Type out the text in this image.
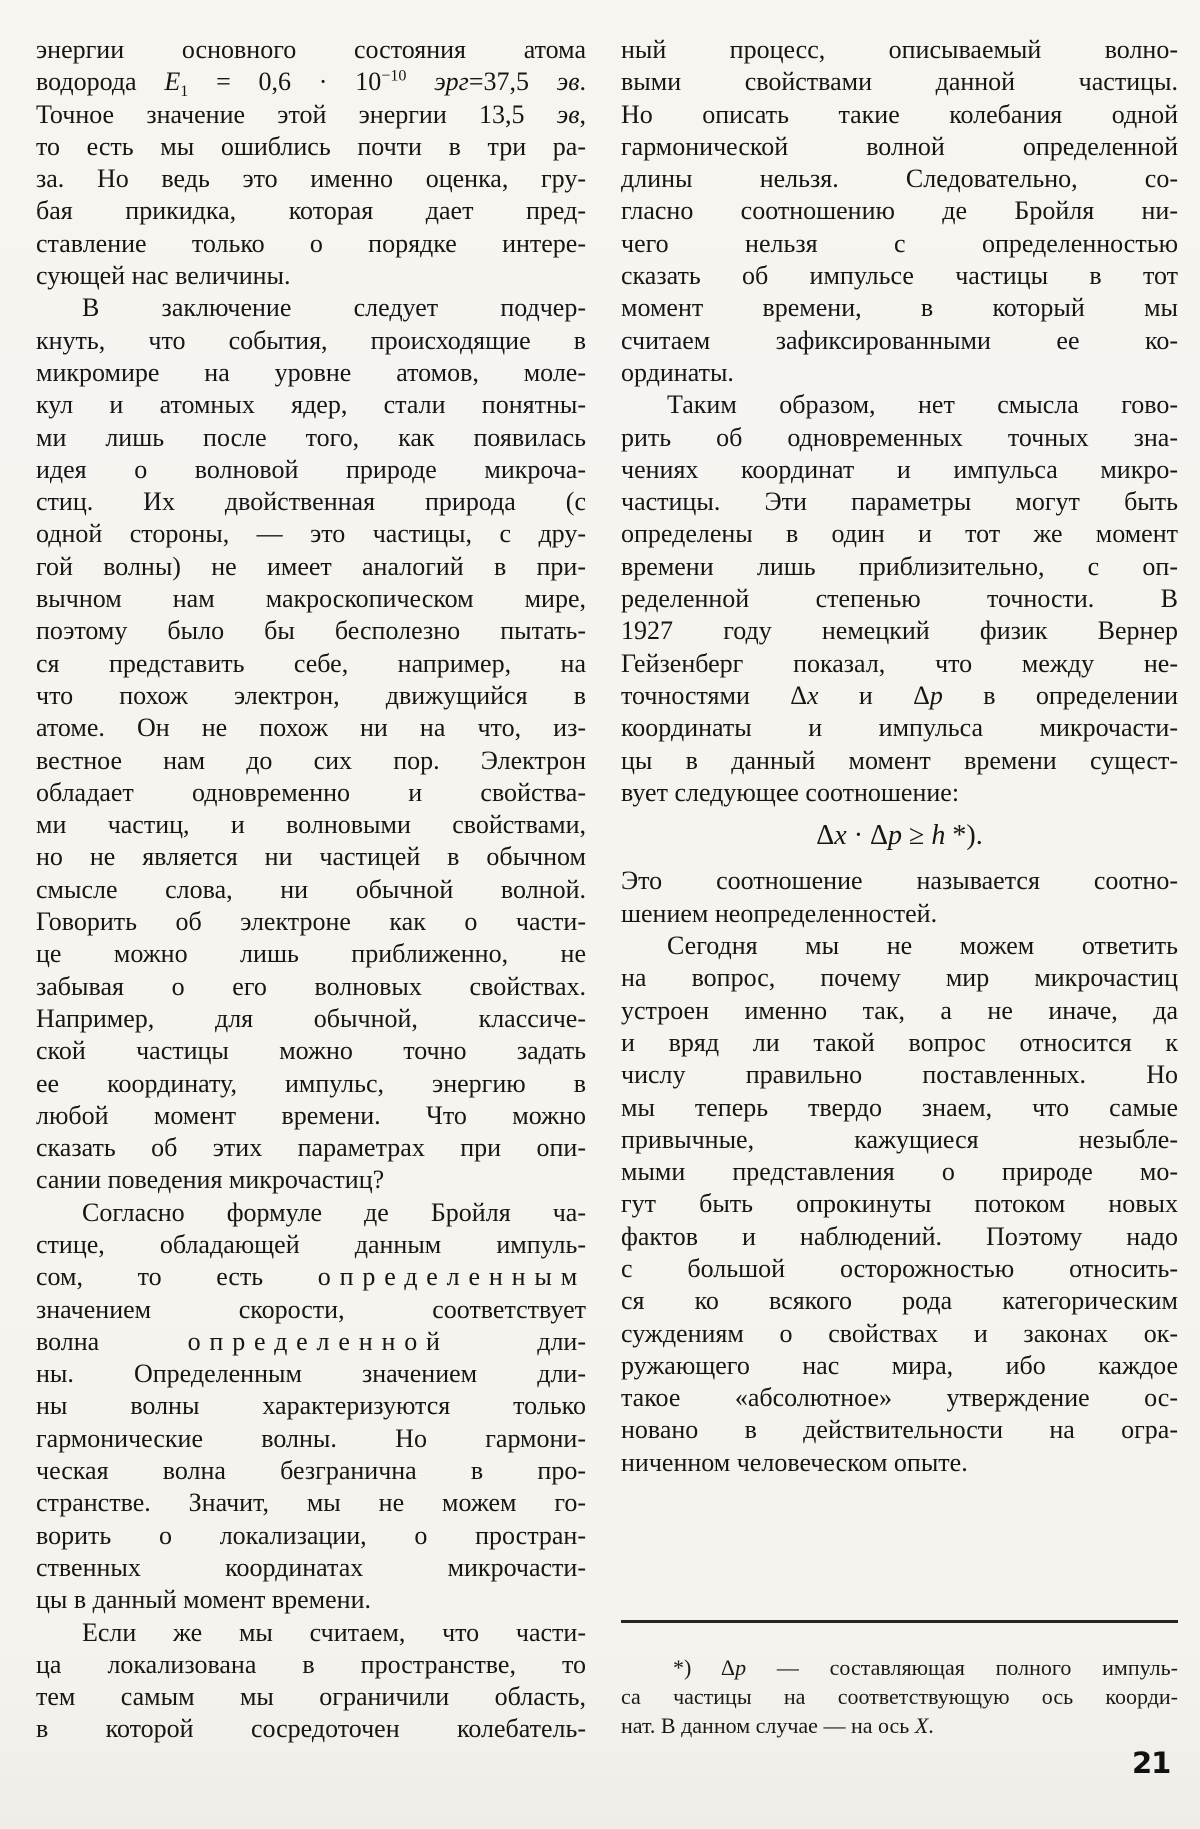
энергии основного состояния атома
водорода $E_1 = 0,6 \cdot 10^{-10}$ эрг=37,5 эв.
Точное значение этой энергии 13,5 эв,
то есть мы ошиблись почти в три ра-
за. Но ведь это именно оценка, гру-
бая прикидка, которая дает пред-
ставление только о порядке интере-
сующей нас величины.
В заключение следует подчер-
кнуть, что события, происходящие в
микромире на уровне атомов, моле-
кул и атомных ядер, стали понятны-
ми лишь после того, как появилась
идея о волновой природе микроча-
стиц. Их двойственная природа (с
одной стороны, — это частицы, с дру-
гой волны) не имеет аналогий в при-
вычном нам макроскопическом мире,
поэтому было бы бесполезно пытать-
ся представить себе, например, на
что похож электрон, движущийся в
атоме. Он не похож ни на что, из-
вестное нам до сих пор. Электрон
обладает одновременно и свойства-
ми частиц, и волновыми свойствами,
но не является ни частицей в обычном
смысле слова, ни обычной волной.
Говорить об электроне как о части-
це можно лишь приближенно, не
забывая о его волновых свойствах.
Например, для обычной, классиче-
ской частицы можно точно задать
ее координату, импульс, энергию в
любой момент времени. Что можно
сказать об этих параметрах при опи-
сании поведения микрочастиц?
Согласно формуле де Бройля ча-
стице, обладающей данным импуль-
сом, то есть определенным
значением скорости, соответствует
волна определенной дли-
ны. Определенным значением дли-
ны волны характеризуются только
гармонические волны. Но гармони-
ческая волна безгранична в про-
странстве. Значит, мы не можем го-
ворить о локализации, о простран-
ственных координатах микрочасти-
цы в данный момент времени.
Если же мы считаем, что части-
ца локализована в пространстве, то
тем самым мы ограничили область,
в которой сосредоточен колебатель-
ный процесс, описываемый волно-
выми свойствами данной частицы.
Но описать такие колебания одной
гармонической волной определенной
длины нельзя. Следовательно, со-
гласно соотношению де Бройля ни-
чего нельзя с определенностью
сказать об импульсе частицы в тот
момент времени, в который мы
считаем зафиксированными ее ко-
ординаты.
Таким образом, нет смысла гово-
рить об одновременных точных зна-
чениях координат и импульса микро-
частицы. Эти параметры могут быть
определены в один и тот же момент
времени лишь приблизительно, с оп-
ределенной степенью точности. В
1927 году немецкий физик Вернер
Гейзенберг показал, что между не-
точностями Δx и Δp в определении
координаты и импульса микрочасти-
цы в данный момент времени сущест-
вует следующее соотношение:
Δx · Δp ≥ h *).
Это соотношение называется соотно-
шением неопределенностей.
Сегодня мы не можем ответить
на вопрос, почему мир микрочастиц
устроен именно так, а не иначе, да
и вряд ли такой вопрос относится к
числу правильно поставленных. Но
мы теперь твердо знаем, что самые
привычные, кажущиеся незыбле-
мыми представления о природе мо-
гут быть опрокинуты потоком новых
фактов и наблюдений. Поэтому надо
с большой осторожностью относить-
ся ко всякого рода категорическим
суждениям о свойствах и законах ок-
ружающего нас мира, ибо каждое
такое «абсолютное» утверждение ос-
новано в действительности на огра-
ниченном человеческом опыте.
*) Δp — составляющая полного импуль-
са частицы на соответствующую ось коорди-
нат. В данном случае — на ось X.
21
